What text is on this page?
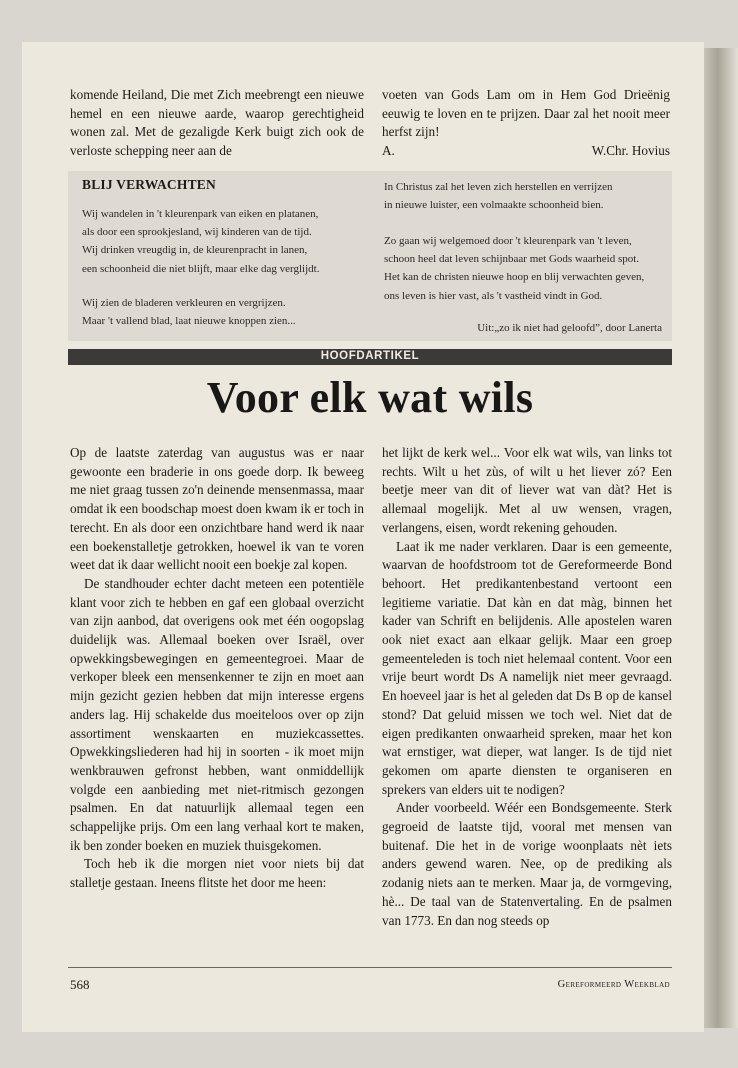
komende Heiland, Die met Zich meebrengt een nieuwe hemel en een nieuwe aarde, waarop gerechtigheid wonen zal. Met de gezaligde Kerk buigt zich ook de verloste schepping neer aan de
voeten van Gods Lam om in Hem God Drieënig eeuwig te loven en te prijzen. Daar zal het nooit meer herfst zijn!
A.	W.Chr. Hovius
BLIJ VERWACHTEN
Wij wandelen in 't kleurenpark van eiken en platanen,
als door een sprookjesland, wij kinderen van de tijd.
Wij drinken vreugdig in, de kleurenpracht in lanen,
een schoonheid die niet blijft, maar elke dag verglijdt.
Wij zien de bladeren verkleuren en vergrijzen.
Maar 't vallend blad, laat nieuwe knoppen zien...
In Christus zal het leven zich herstellen en verrijzen
in nieuwe luister, een volmaakte schoonheid bien.
Zo gaan wij welgemoed door 't kleurenpark van 't leven,
schoon heel dat leven schijnbaar met Gods waarheid spot.
Het kan de christen nieuwe hoop en blij verwachten geven,
ons leven is hier vast, als 't vastheid vindt in God.
Uit:„zo ik niet had geloofd”, door Lanerta
HOOFDARTIKEL
Voor elk wat wils

Op de laatste zaterdag van augustus was er naar gewoonte een braderie in ons goede dorp. Ik beweeg me niet graag tussen zo'n deinende mensenmassa, maar omdat ik een boodschap moest doen kwam ik er toch in terecht. En als door een onzichtbare hand werd ik naar een boekenstalletje getrokken, hoewel ik van te voren weet dat ik daar wellicht nooit een boekje zal kopen.

De standhouder echter dacht meteen een potentiële klant voor zich te hebben en gaf een globaal overzicht van zijn aanbod, dat overigens ook met één oogopslag duidelijk was. Allemaal boeken over Israël, over opwekkingsbewegingen en gemeentegroei. Maar de verkoper bleek een mensenkenner te zijn en moet aan mijn gezicht gezien hebben dat mijn interesse ergens anders lag. Hij schakelde dus moeiteloos over op zijn assortiment wenskaarten en muziekcassettes. Opwekkingsliederen had hij in soorten - ik moet mijn wenkbrauwen gefronst hebben, want onmiddellijk volgde een aanbieding met niet-ritmisch gezongen psalmen. En dat natuurlijk allemaal tegen een schappelijke prijs. Om een lang verhaal kort te maken, ik ben zonder boeken en muziek thuisgekomen.

Toch heb ik die morgen niet voor niets bij dat stalletje gestaan. Ineens flitste het door me heen:

het lijkt de kerk wel... Voor elk wat wils, van links tot rechts. Wilt u het zùs, of wilt u het liever zó? Een beetje meer van dit of liever wat van dàt? Het is allemaal mogelijk. Met al uw wensen, vragen, verlangens, eisen, wordt rekening gehouden.

Laat ik me nader verklaren. Daar is een gemeente, waarvan de hoofdstroom tot de Gereformeerde Bond behoort. Het predikantenbestand vertoont een legitieme variatie. Dat kàn en dat màg, binnen het kader van Schrift en belijdenis. Alle apostelen waren ook niet exact aan elkaar gelijk. Maar een groep gemeenteleden is toch niet helemaal content. Voor een vrije beurt wordt Ds A namelijk niet meer gevraagd. En hoeveel jaar is het al geleden dat Ds B op de kansel stond? Dat geluid missen we toch wel. Niet dat de eigen predikanten onwaarheid spreken, maar het kon wat ernstiger, wat dieper, wat langer. Is de tijd niet gekomen om aparte diensten te organiseren en sprekers van elders uit te nodigen?

Ander voorbeeld. Wéér een Bondsgemeente. Sterk gegroeid de laatste tijd, vooral met mensen van buitenaf. Die het in de vorige woonplaats nèt iets anders gewend waren. Nee, op de prediking als zodanig niets aan te merken. Maar ja, de vormgeving, hè... De taal van de Statenvertaling. En de psalmen van 1773. En dan nog steeds op

568	Gereformeerd Weekblad
